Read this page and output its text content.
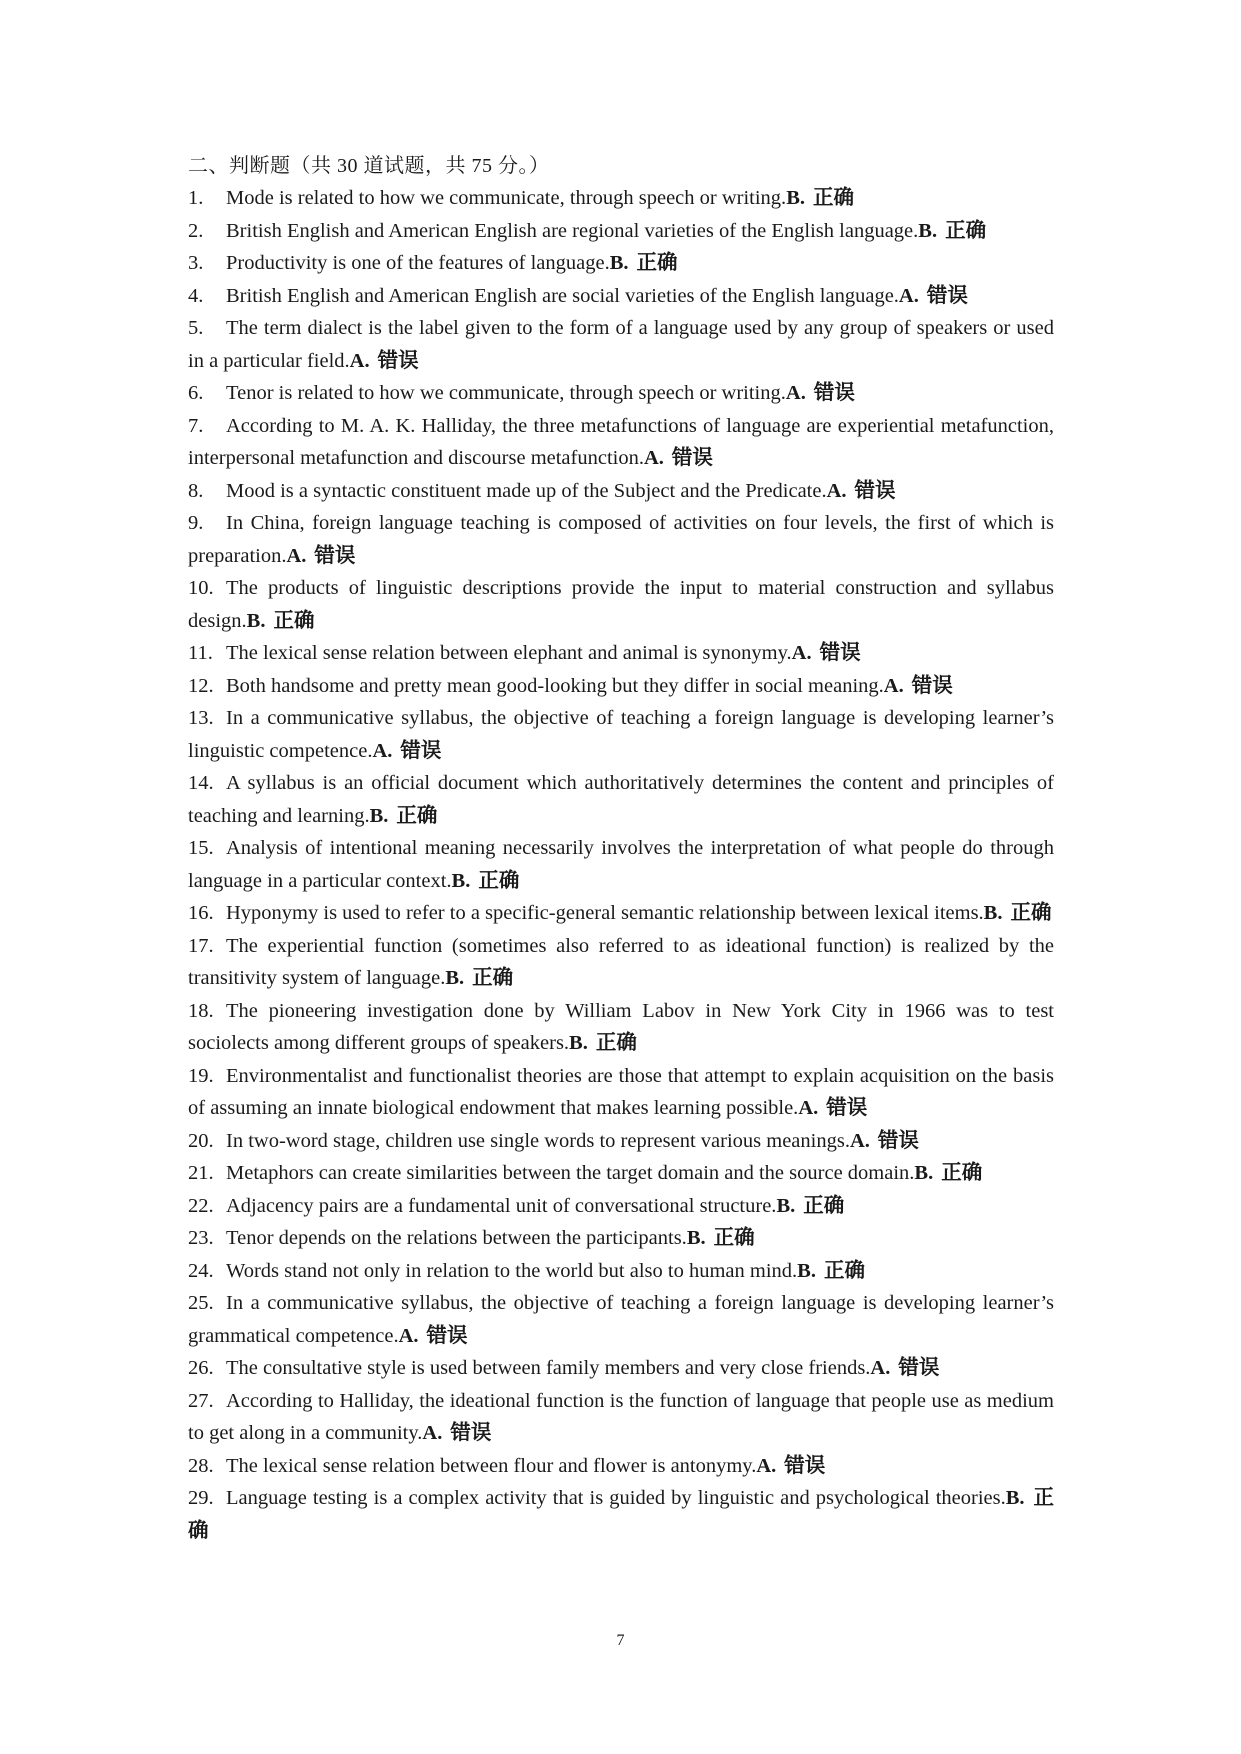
二、判断题（共 30 道试题，共 75 分。）
1. Mode is related to how we communicate, through speech or writing.B. 正确
2. British English and American English are regional varieties of the English language.B. 正确
3. Productivity is one of the features of language.B. 正确
4. British English and American English are social varieties of the English language.A. 错误
5. The term dialect is the label given to the form of a language used by any group of speakers or used in a particular field.A. 错误
6. Tenor is related to how we communicate, through speech or writing.A. 错误
7. According to M. A. K. Halliday, the three metafunctions of language are experiential metafunction, interpersonal metafunction and discourse metafunction.A. 错误
8. Mood is a syntactic constituent made up of the Subject and the Predicate.A. 错误
9. In China, foreign language teaching is composed of activities on four levels, the first of which is preparation.A. 错误
10. The products of linguistic descriptions provide the input to material construction and syllabus design.B. 正确
11. The lexical sense relation between elephant and animal is synonymy.A. 错误
12. Both handsome and pretty mean good-looking but they differ in social meaning.A. 错误
13. In a communicative syllabus, the objective of teaching a foreign language is developing learner’s linguistic competence.A. 错误
14. A syllabus is an official document which authoritatively determines the content and principles of teaching and learning.B. 正确
15. Analysis of intentional meaning necessarily involves the interpretation of what people do through language in a particular context.B. 正确
16. Hyponymy is used to refer to a specific-general semantic relationship between lexical items.B. 正确
17. The experiential function (sometimes also referred to as ideational function) is realized by the transitivity system of language.B. 正确
18. The pioneering investigation done by William Labov in New York City in 1966 was to test sociolects among different groups of speakers.B. 正确
19. Environmentalist and functionalist theories are those that attempt to explain acquisition on the basis of assuming an innate biological endowment that makes learning possible.A. 错误
20. In two-word stage, children use single words to represent various meanings.A. 错误
21. Metaphors can create similarities between the target domain and the source domain.B. 正确
22. Adjacency pairs are a fundamental unit of conversational structure.B. 正确
23. Tenor depends on the relations between the participants.B. 正确
24. Words stand not only in relation to the world but also to human mind.B. 正确
25. In a communicative syllabus, the objective of teaching a foreign language is developing learner’s grammatical competence.A. 错误
26. The consultative style is used between family members and very close friends.A. 错误
27. According to Halliday, the ideational function is the function of language that people use as medium to get along in a community.A. 错误
28. The lexical sense relation between flour and flower is antonymy.A. 错误
29. Language testing is a complex activity that is guided by linguistic and psychological theories.B. 正确
7
